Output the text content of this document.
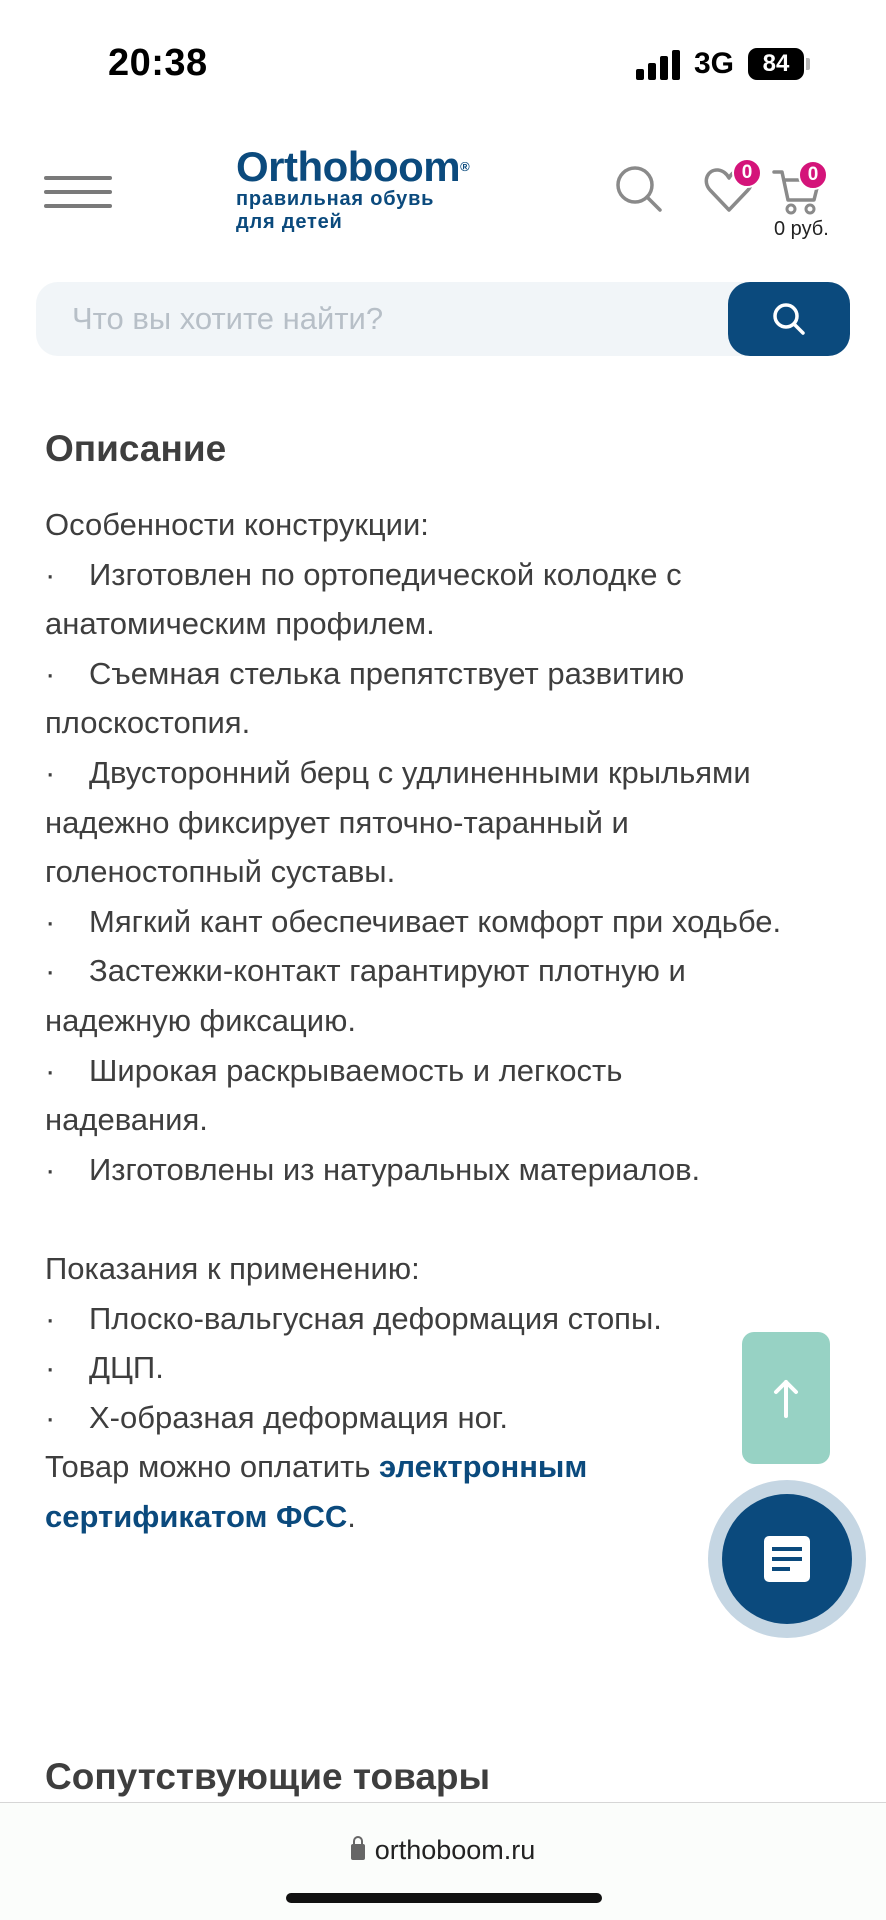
20:38	3G	84
Orthoboom®
правильная обувь
для детей
0	0
0 руб.
Что вы хотите найти?
Описание

Особенности конструкции:

· Изготовлен по ортопедической колодке с анатомическим профилем.

· Съемная стелька препятствует развитию плоскостопия.

· Двусторонний берц с удлиненными крыльями надежно фиксирует пяточно-таранный и голеностопный суставы.

· Мягкий кант обеспечивает комфорт при ходьбе.

· Застежки-контакт гарантируют плотную и надежную фиксацию.

· Широкая раскрываемость и легкость надевания.

· Изготовлены из натуральных материалов.

Показания к применению:

· Плоско-вальгусная деформация стопы.

· ДЦП.

· Х-образная деформация ног.

Товар можно оплатить электронным сертификатом ФСС.

Сопутствующие товары
orthoboom.ru
